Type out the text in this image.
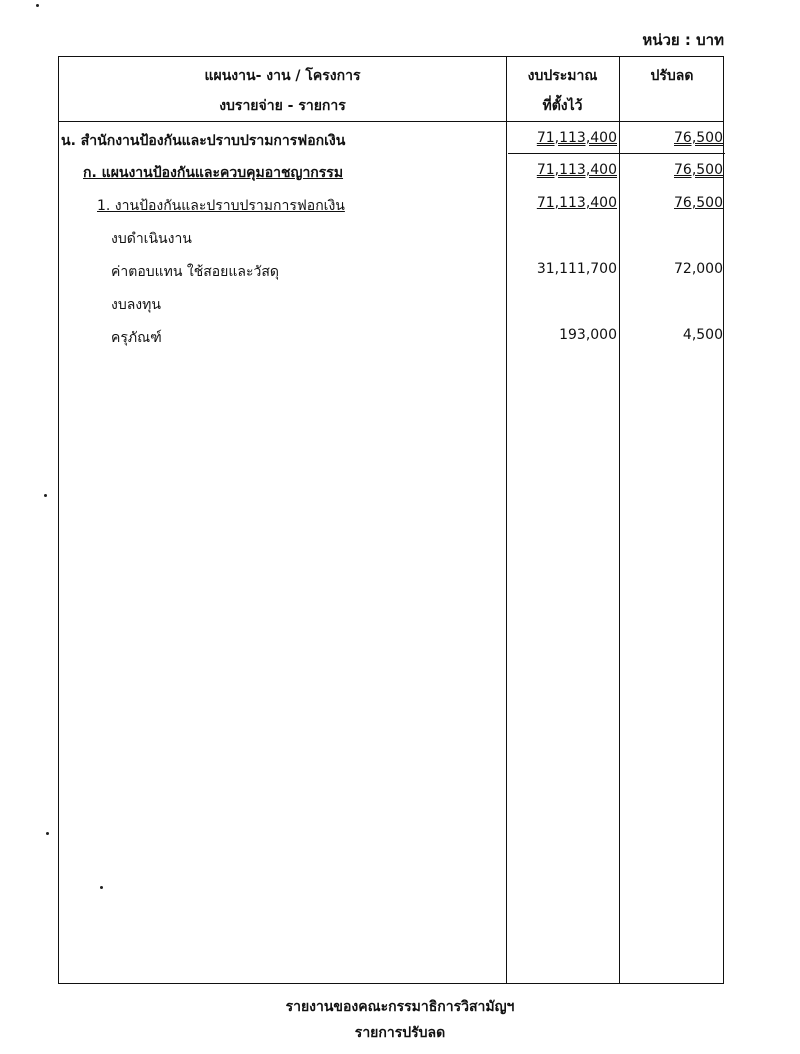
หน่วย : บาท
แผนงาน- งาน / โครงการ
งบรายจ่าย - รายการ
งบประมาณ
ที่ตั้งไว้
ปรับลด
น. สำนักงานป้องกันและปราบปรามการฟอกเงิน	71,113,400	76,500
ก. แผนงานป้องกันและควบคุมอาชญากรรม	71,113,400	76,500
1. งานป้องกันและปราบปรามการฟอกเงิน	71,113,400	76,500
งบดำเนินงาน
ค่าตอบแทน ใช้สอยและวัสดุ	31,111,700	72,000
งบลงทุน
ครุภัณฑ์	193,000	4,500
รายงานของคณะกรรมาธิการวิสามัญฯ
รายการปรับลด
